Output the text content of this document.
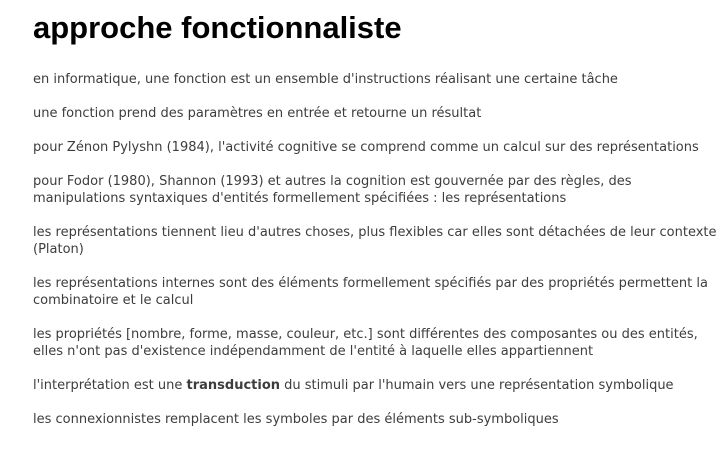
approche fonctionnaliste

en informatique, une fonction est un ensemble d'instructions réalisant une certaine tâche

une fonction prend des paramètres en entrée et retourne un résultat

pour Zénon Pylyshn (1984), l'activité cognitive se comprend comme un calcul sur des représentations

pour Fodor (1980), Shannon (1993) et autres la cognition est gouvernée par des règles, des manipulations syntaxiques d'entités formellement spécifiées : les représentations

les représentations tiennent lieu d'autres choses, plus flexibles car elles sont détachées de leur contexte (Platon)

les représentations internes sont des éléments formellement spécifiés par des propriétés permettent la combinatoire et le calcul

les propriétés [nombre, forme, masse, couleur, etc.] sont différentes des composantes ou des entités, elles n'ont pas d'existence indépendamment de l'entité à laquelle elles appartiennent

l'interprétation est une transduction du stimuli par l'humain vers une représentation symbolique

les connexionnistes remplacent les symboles par des éléments sub-symboliques
